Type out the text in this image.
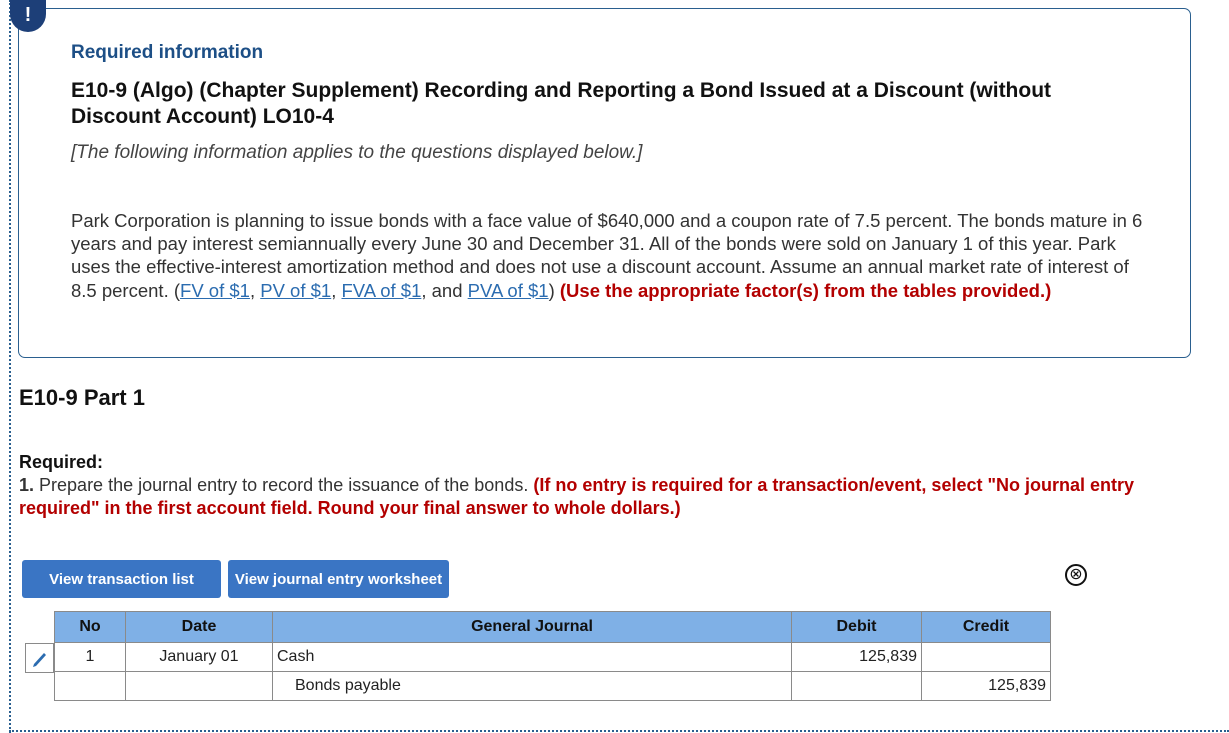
!
Required information
E10-9 (Algo) (Chapter Supplement) Recording and Reporting a Bond Issued at a Discount (without Discount Account) LO10-4
[The following information applies to the questions displayed below.]
Park Corporation is planning to issue bonds with a face value of $640,000 and a coupon rate of 7.5 percent. The bonds mature in 6 years and pay interest semiannually every June 30 and December 31. All of the bonds were sold on January 1 of this year. Park uses the effective-interest amortization method and does not use a discount account. Assume an annual market rate of interest of 8.5 percent. (FV of $1, PV of $1, FVA of $1, and PVA of $1) (Use the appropriate factor(s) from the tables provided.)
E10-9 Part 1
Required:
1. Prepare the journal entry to record the issuance of the bonds. (If no entry is required for a transaction/event, select "No journal entry required" in the first account field. Round your final answer to whole dollars.)
View transaction list	View journal entry worksheet	⊗
No	Date	General Journal	Debit	Credit
1	January 01	Cash	125,839	
		Bonds payable		125,839
